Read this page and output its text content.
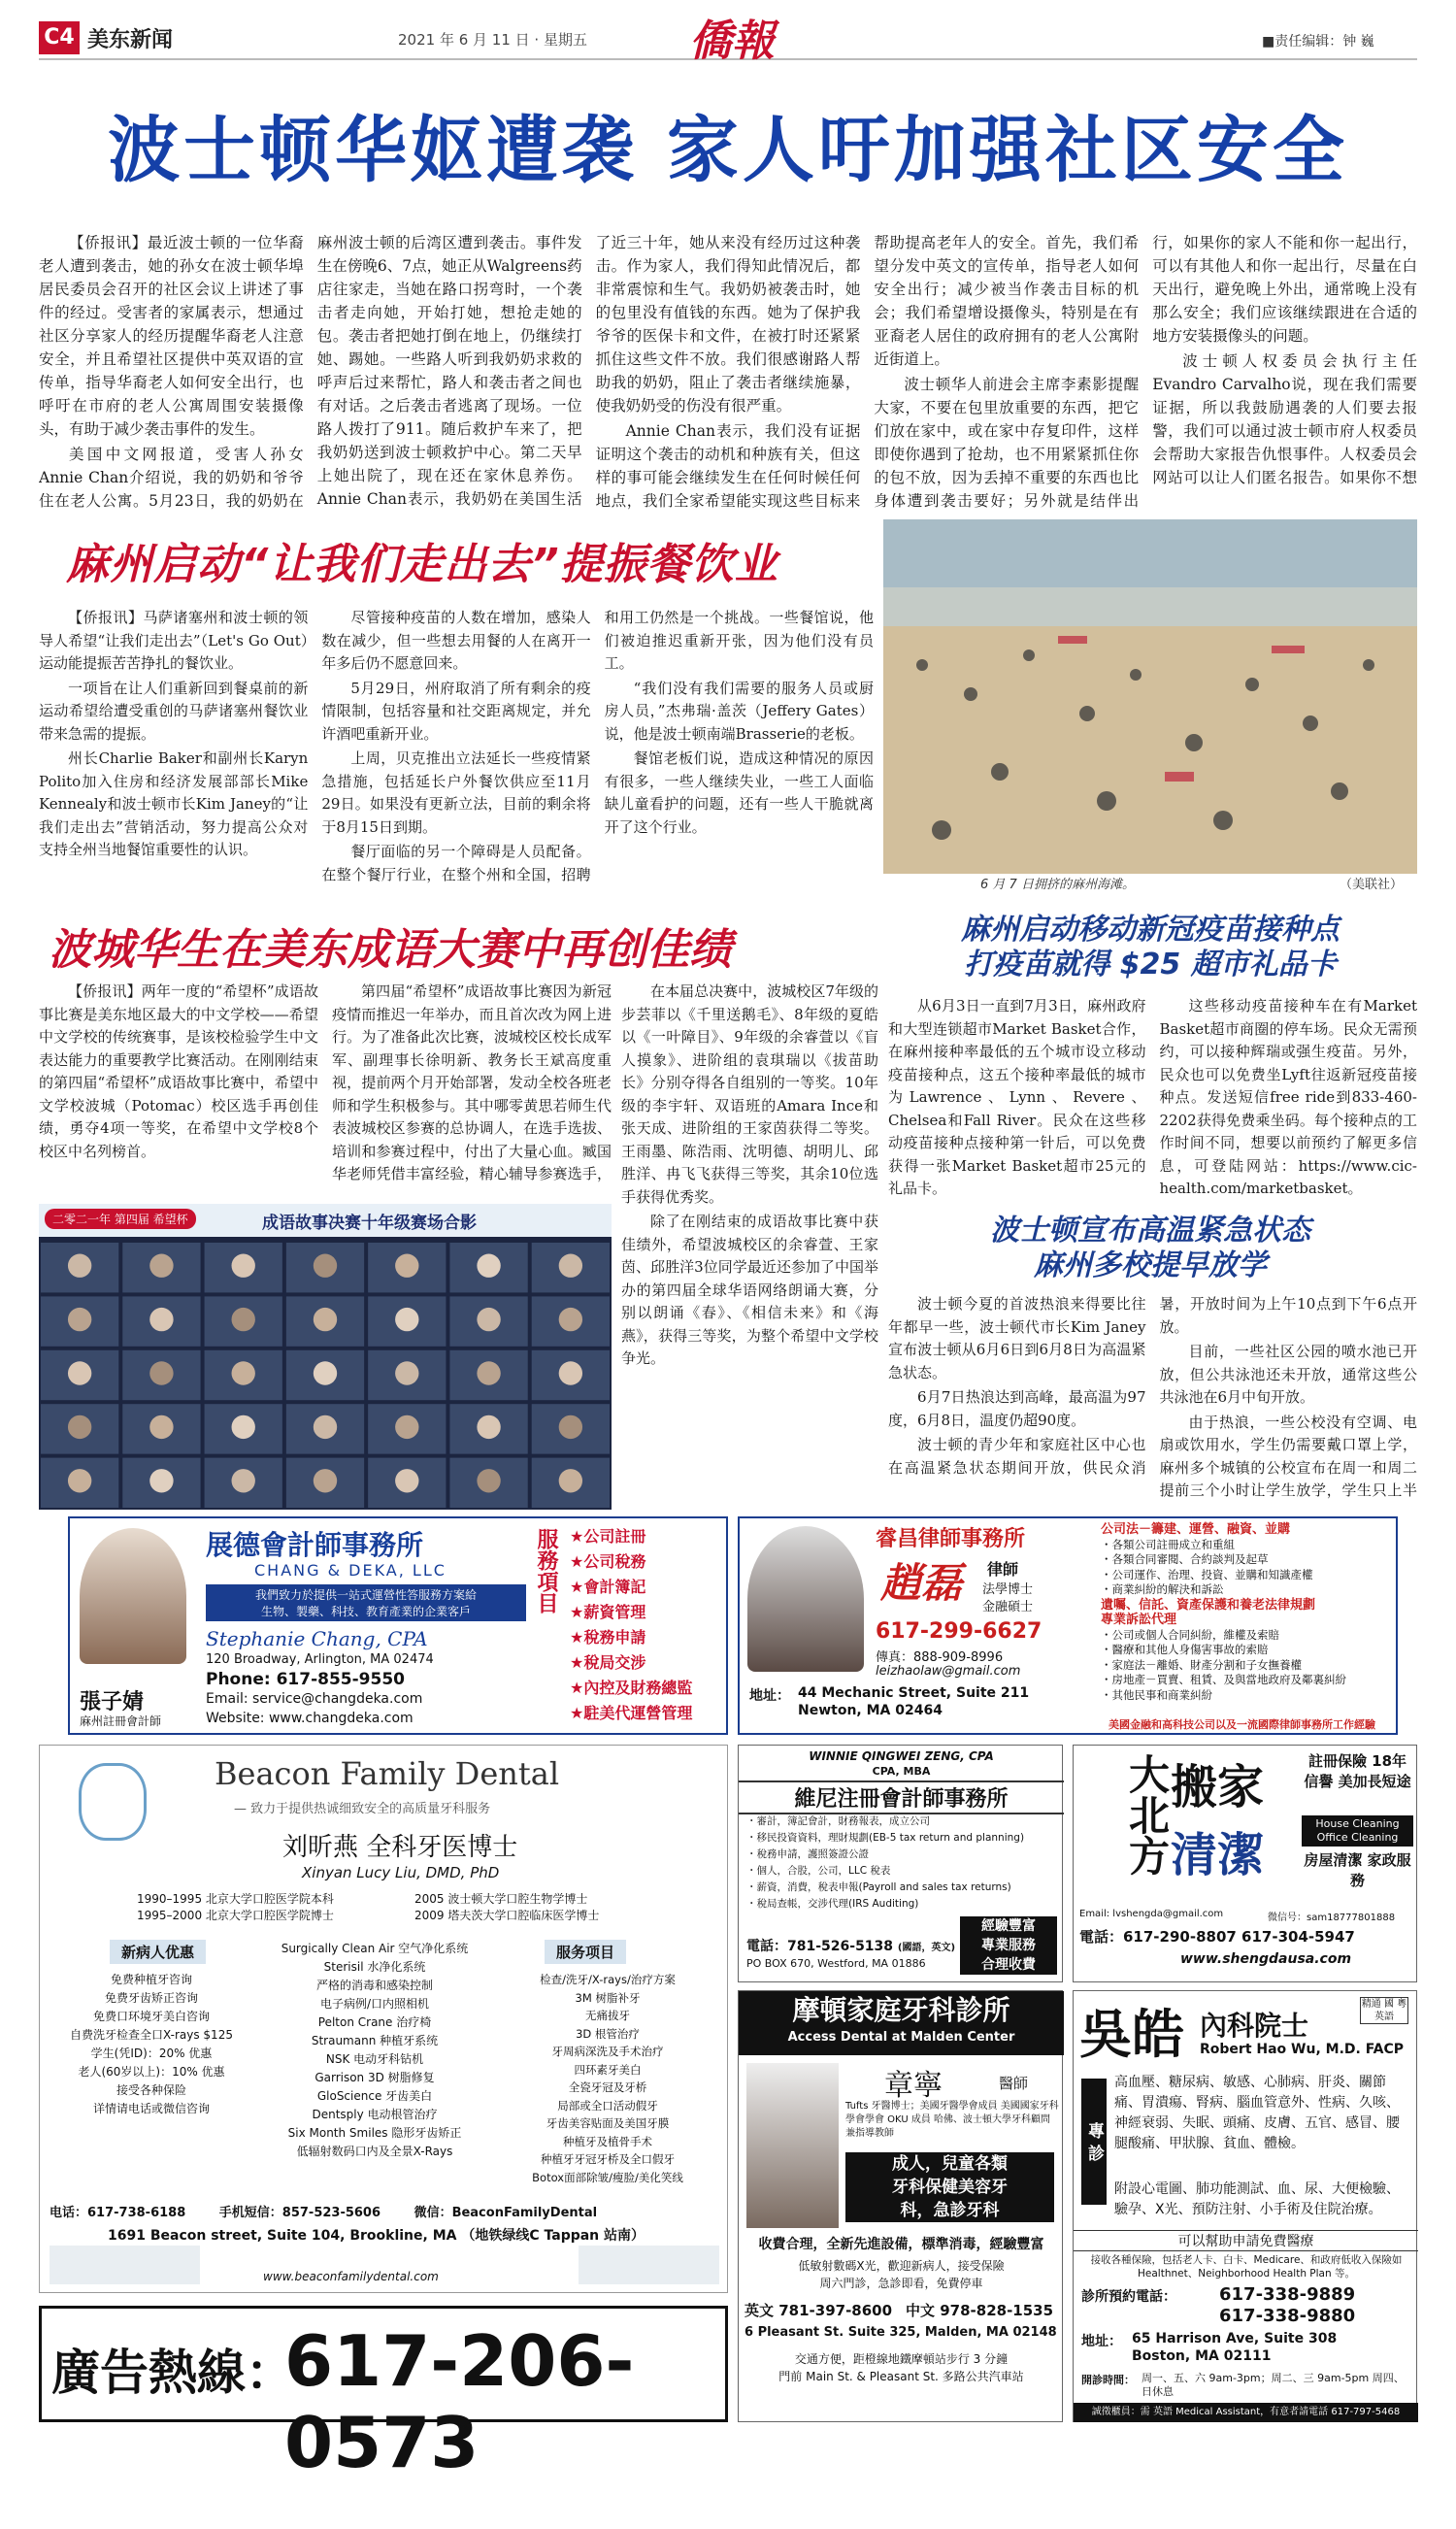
C4 美东新闻	2021 年 6 月 11 日 · 星期五 僑報	■责任编辑：钟 巍
波士顿华妪遭袭 家人吁加强社区安全

【侨报讯】最近波士顿的一位华裔老人遭到袭击，她的孙女在波士顿华埠居民委员会召开的社区会议上讲述了事件的经过。受害者的家属表示，想通过社区分享家人的经历提醒华裔老人注意安全，并且希望社区提供中英双语的宣传单，指导华裔老人如何安全出行，也呼吁在市府的老人公寓周围安装摄像头，有助于减少袭击事件的发生。

美国中文网报道，受害人孙女Annie Chan介绍说，我的奶奶和爷爷住在老人公寓。5月23日，我的奶奶在麻州波士顿的后湾区遭到袭击。事件发生在傍晚6、7点，她正从Walgreens药店往家走，当她在路口拐弯时，一个袭击者走向她，开始打她，想抢走她的包。袭击者把她打倒在地上，仍继续打她、踢她。一些路人听到我奶奶求救的呼声后过来帮忙，路人和袭击者之间也有对话。之后袭击者逃离了现场。一位路人拨打了911。随后救护车来了，把我奶奶送到波士顿救护中心。第二天早上她出院了，现在还在家休息养伤。Annie Chan表示，我奶奶在美国生活了近三十年，她从来没有经历过这种袭击。作为家人，我们得知此情况后，都非常震惊和生气。我奶奶被袭击时，她的包里没有值钱的东西。她为了保护我爷爷的医保卡和文件，在被打时还紧紧抓住这些文件不放。我们很感谢路人帮助我的奶奶，阻止了袭击者继续施暴，使我奶奶受的伤没有很严重。

Annie Chan表示，我们没有证据证明这个袭击的动机和种族有关，但这样的事可能会继续发生在任何时候任何地点，我们全家希望能实现这些目标来帮助提高老年人的安全。首先，我们希望分发中英文的宣传单，指导老人如何安全出行；减少被当作袭击目标的机会；我们希望增设摄像头，特别是在有亚裔老人居住的政府拥有的老人公寓附近街道上。

波士顿华人前进会主席李素影提醒大家，不要在包里放重要的东西，把它们放在家中，或在家中存复印件，这样即使你遇到了抢劫，也不用紧紧抓住你的包不放，因为丢掉不重要的东西也比身体遭到袭击要好；另外就是结伴出行，如果你的家人不能和你一起出行，可以有其他人和你一起出行，尽量在白天出行，避免晚上外出，通常晚上没有那么安全；我们应该继续跟进在合适的地方安装摄像头的问题。

波士顿人权委员会执行主任Evandro Carvalho说，现在我们需要证据，所以我鼓励遇袭的人们要去报警，我们可以通过波士顿市府人权委员会帮助大家报告仇恨事件。人权委员会网站可以让人们匿名报告。如果你不想

麻州启动“让我们走出去”提振餐饮业

【侨报讯】马萨诸塞州和波士顿的领导人希望“让我们走出去”（Let's Go Out）运动能提振苦苦挣扎的餐饮业。

一项旨在让人们重新回到餐桌前的新运动希望给遭受重创的马萨诸塞州餐饮业带来急需的提振。

州长Charlie Baker和副州长Karyn Polito加入住房和经济发展部部长Mike Kennealy和波士顿市长Kim Janey的“让我们走出去”营销活动，努力提高公众对支持全州当地餐馆重要性的认识。

尽管接种疫苗的人数在增加，感染人数在减少，但一些想去用餐的人在离开一年多后仍不愿意回来。

5月29日，州府取消了所有剩余的疫情限制，包括容量和社交距离规定，并允许酒吧重新开业。

上周，贝克推出立法延长一些疫情紧急措施，包括延长户外餐饮供应至11月29日。如果没有更新立法，目前的剩余将于8月15日到期。

餐厅面临的另一个障碍是人员配备。在整个餐厅行业，在整个州和全国，招聘和用工仍然是一个挑战。一些餐馆说，他们被迫推迟重新开张，因为他们没有员工。

“我们没有我们需要的服务人员或厨房人员，”杰弗瑞·盖茨（Jeffery Gates）说，他是波士顿南端Brasserie的老板。

餐馆老板们说，造成这种情况的原因有很多，一些人继续失业，一些工人面临缺儿童看护的问题，还有一些人干脆就离开了这个行业。

6 月 7 日拥挤的麻州海滩。	（美联社）
波城华生在美东成语大赛中再创佳绩

【侨报讯】两年一度的“希望杯”成语故事比赛是美东地区最大的中文学校——希望中文学校的传统赛事，是该校检验学生中文表达能力的重要教学比赛活动。在刚刚结束的第四届“希望杯”成语故事比赛中，希望中文学校波城（Potomac）校区选手再创佳绩，勇夺4项一等奖，在希望中文学校8个校区中名列榜首。

第四届“希望杯”成语故事比赛因为新冠疫情而推迟一年举办，而且首次改为网上进行。为了准备此次比赛，波城校区校长成军军、副理事长徐明新、教务长王斌高度重视，提前两个月开始部署，发动全校各班老师和学生积极参与。其中哪零黄思若师生代表波城校区参赛的总协调人，在选手选拔、培训和参赛过程中，付出了大量心血。臧国华老师凭借丰富经验，精心辅导参赛选手，

在本届总决赛中，波城校区7年级的步芸菲以《千里送鹅毛》、8年级的夏皓以《一叶障目》、9年级的余睿萱以《盲人摸象》、进阶组的袁琪瑞以《拔苗助长》分别夺得各自组别的一等奖。10年级的李宇轩、双语班的Amara Ince和张天成、进阶组的王家茵获得二等奖。王雨墨、陈浩雨、沈明德、胡明儿、邱胜洋、冉飞飞获得三等奖，其余10位选手获得优秀奖。

除了在刚结束的成语故事比赛中获佳绩外，希望波城校区的余睿萱、王家茵、邱胜洋3位同学最近还参加了中国举办的第四届全球华语网络朗诵大赛，分别以朗诵《春》、《相信未来》和《海燕》，获得三等奖，为整个希望中文学校争光。

二零二一年 第四届 希望杯	成语故事决赛十年级赛场合影
麻州启动移动新冠疫苗接种点
打疫苗就得 $25 超市礼品卡

从6月3日一直到7月3日，麻州政府和大型连锁超市Market Basket合作，在麻州接种率最低的五个城市设立移动疫苗接种点，这五个接种率最低的城市为Lawrence、Lynn、Revere、Chelsea和Fall River。民众在这些移动疫苗接种点接种第一针后，可以免费获得一张Market Basket超市25元的礼品卡。

这些移动疫苗接种车在有Market Basket超市商圈的停车场。民众无需预约，可以接种辉瑞或强生疫苗。另外，民众也可以免费坐Lyft往返新冠疫苗接种点。发送短信free ride到833-460-2202获得免费乘坐码。每个接种点的工作时间不同，想要以前预约了解更多信息，可登陆网站：https://www.cic-health.com/marketbasket。

波士顿宣布高温紧急状态
麻州多校提早放学

波士顿今夏的首波热浪来得要比往年都早一些，波士顿代市长Kim Janey宣布波士顿从6月6日到6月8日为高温紧急状态。

6月7日热浪达到高峰，最高温为97度，6月8日，温度仍超90度。

波士顿的青少年和家庭社区中心也在高温紧急状态期间开放，供民众消暑，开放时间为上午10点到下午6点开放。

目前，一些社区公园的喷水池已开放，但公共泳池还未开放，通常这些公共泳池在6月中旬开放。

由于热浪，一些公校没有空调、电扇或饮用水，学生仍需要戴口罩上学，麻州多个城镇的公校宣布在周一和周二提前三个小时让学生放学，学生只上半

張子婧
麻州註冊會計師
展德會計師事務所
CHANG & DEKA, LLC
我們致力於提供一站式運營性答服務方案給
生物、製藥、科技、教育產業的企業客戶
Stephanie Chang, CPA
120 Broadway, Arlington, MA 02474
Phone: 617-855-9550
Email: service@changdeka.com
Website: www.changdeka.com
服務項目 ★公司註冊
★公司稅務
★會計簿記
★薪資管理
★稅務申請
★稅局交涉
★內控及財務總監
★駐美代運營管理
睿昌律師事務所
趙磊 律師
法學博士
金融碩士
617-299-6627
傳真：888-909-8996
leizhaolaw@gmail.com
地址： 44 Mechanic Street, Suite 211
Newton, MA 02464
公司法－籌建、運營、融資、並購
・各類公司註冊成立和重組
・各類合同審閱、合約談判及起草
・公司運作、治理、投資、並購和知識產權
・商業糾紛的解決和訴訟
遺囑、信託、資產保護和養老法律規劃
專業訴訟代理
・公司或個人合同糾紛，維權及索賠
・醫療和其他人身傷害事故的索賠
・家庭法－離婚、財產分割和子女撫養權
・房地產－買賣、租賃、及與當地政府及鄰裏糾紛
・其他民事和商業糾紛
美國金融和高科技公司以及一流國際律師事務所工作經驗
Beacon Family Dental
— 致力于提供热诚细致安全的高质量牙科服务
刘昕燕 全科牙医博士
Xinyan Lucy Liu, DMD, PhD
1990–1995 北京大学口腔医学院本科
1995–2000 北京大学口腔医学院博士
2005 波士顿大学口腔生物学博士
2009 塔夫茨大学口腔临床医学博士
新病人优惠
免费种植牙咨询
免费牙齿矫正咨询
免费口环境牙美白咨询
自费洗牙检查全口X-rays $125
学生(凭ID)：20% 优惠
老人(60岁以上)：10% 优惠
接受各种保险
详情请电话或微信咨询
Surgically Clean Air 空气净化系统
Sterisil 水净化系统
严格的消毒和感染控制
电子病例/口内照相机
Pelton Crane 治疗椅
Straumann 种植牙系统
NSK 电动牙科钻机
Garrison 3D 树脂修复
GloScience 牙齿美白
Dentsply 电动根管治疗
Six Month Smiles 隐形牙齿矫正
低辐射数码口内及全景X-Rays
服务项目
检查/洗牙/X-rays/治疗方案
3M 树脂补牙
无痛拔牙
3D 根管治疗
牙周病深洗及手术治疗
四环素牙美白
全瓷牙冠及牙桥
局部或全口活动假牙
牙齿美容贴面及美国牙膜
种植牙及植骨手术
种植牙牙冠牙桥及全口假牙
Botox面部除皱/瘦脸/美化笑线
电话：617-738-6188	手机短信：857-523-5606	微信：BeaconFamilyDental
1691 Beacon street, Suite 104, Brookline, MA （地铁绿线C Tappan 站南）
www.beaconfamilydental.com
廣告熱線：
617-206-0573
WINNIE QINGWEI ZENG, CPA
CPA, MBA
維尼注冊會計師事務所
・審計，簿記會計，財務報表，成立公司
・移民投資資料，理財規劃(EB-5 tax return and planning)
・稅務申請，護照簽證公證
・個人，合股，公司，LLC 稅表
・薪資，消費，稅表申報(Payroll and sales tax returns)
・稅局查帳，交涉代理(IRS Auditing)
經驗豐富
專業服務
合理收費
電話：781-526-5138 (國語，英文)
PO BOX 670, Westford, MA 01886
大北方 搬家
清潔
註冊保險 18年信譽 美加長短途
House Cleaning Office Cleaning
房屋清潔 家政服務
Email: lvshengda@gmail.com	微信号：sam18777801888
電話：617-290-8807 617-304-5947
www.shengdausa.com
摩頓家庭牙科診所
Access Dental at Malden Center
章寧	醫師
Tufts 牙醫博士；美國牙醫學會成員 美國國家牙科學會學會 OKU 成員 哈佛、波士頓大學牙科顧問兼指導教師
成人，兒童各類
牙科保健美容牙
科，急診牙科
收費合理，全新先進設備，標準消毒，經驗豐富
低敏射數碼X光，歡迎新病人，接受保險
周六門診，急診即看，免費停車
英文 781-397-8600 中文 978-828-1535
6 Pleasant St. Suite 325, Malden, MA 02148
交通方便，距橙線地鐵摩頓站步行 3 分鐘
門前 Main St. & Pleasant St. 多路公共汽車站
吳皓 內科院士
精通 國 粵 英語
Robert Hao Wu, M.D. FACP
專 診
高血壓、糖尿病、敏感、心肺病、肝炎、關節痛、胃潰瘍、腎病、腦血管意外、性病、久咳、神經衰弱、失眠、頭痛、皮膚、五官、感冒、腰腿酸痛、甲狀腺、貧血、體檢。
附設心電圖、肺功能測試、血、尿、大便檢驗、驗孕、X光、預防注射、小手術及住院治療。
可以幫助申請免費醫療
接收各種保險，包括老人卡、白卡、Medicare、和政府低收入保險如 Healthnet、Neighborhood Health Plan 等。
診所預約電話： 617-338-9889
617-338-9880
地址： 65 Harrison Ave, Suite 308
Boston, MA 02111
開診時間： 周一、五、六 9am-3pm；周二、三 9am-5pm 周四、日休息
誠徵櫃員：需 英語 Medical Assistant，有意者請電話 617-797-5468
